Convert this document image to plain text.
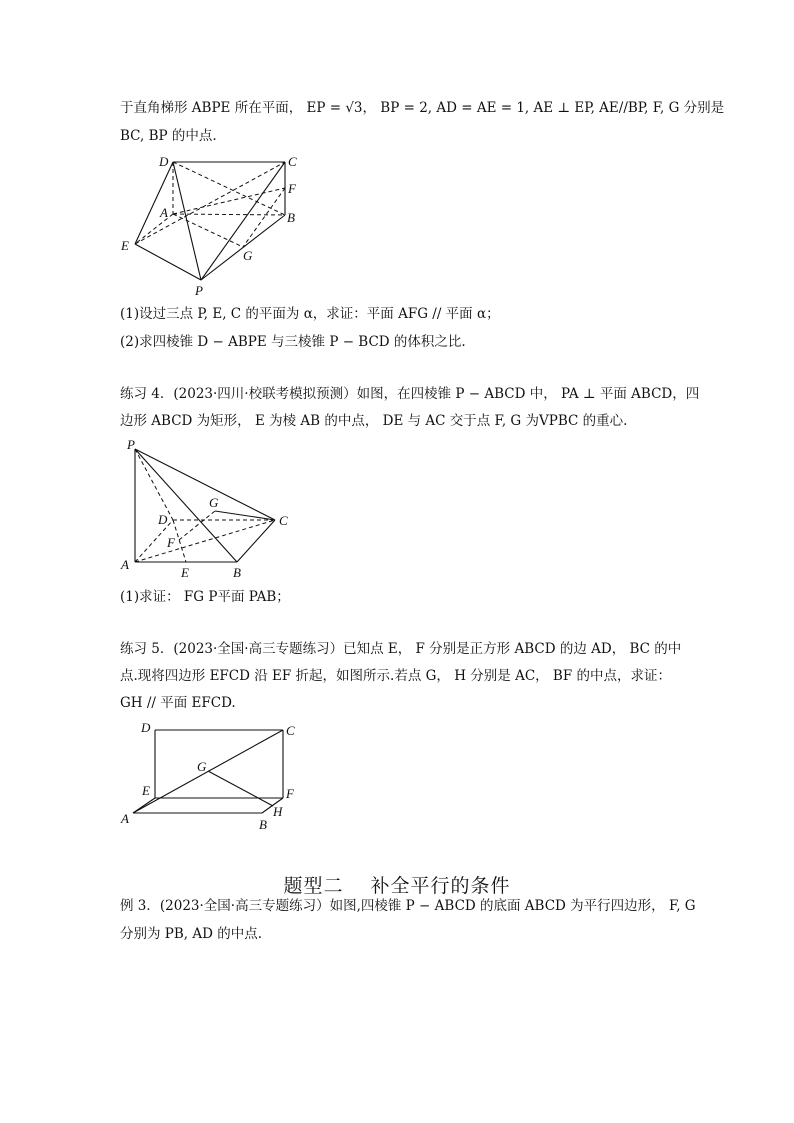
于直角梯形 ABPE 所在平面， EP = √3， BP = 2, AD = AE = 1, AE ⊥ EP, AE//BP, F, G 分别是
BC, BP 的中点.
D	C
F
A	B
E
G
P
(1)设过三点 P, E, C 的平面为 α，求证：平面 AFG // 平面 α；
(2)求四棱锥 D − ABPE 与三棱锥 P − BCD 的体积之比.
练习 4．(2023·四川·校联考模拟预测）如图，在四棱锥 P − ABCD 中， PA ⊥ 平面 ABCD，四
边形 ABCD 为矩形， E 为棱 AB 的中点， DE 与 AC 交于点 F, G 为VPBC 的重心.
P
G
D	C
F
A
E	B
(1)求证： FG P平面 PAB；
练习 5．(2023·全国·高三专题练习）已知点 E， F 分别是正方形 ABCD 的边 AD， BC 的中
点.现将四边形 EFCD 沿 EF 折起，如图所示.若点 G， H 分别是 AC， BF 的中点，求证：
GH // 平面 EFCD.
D	C
G
E	F
A	H
B
题型二　 补全平行的条件
例 3．(2023·全国·高三专题练习）如图,四棱锥 P − ABCD 的底面 ABCD 为平行四边形， F, G
分别为 PB, AD 的中点.
